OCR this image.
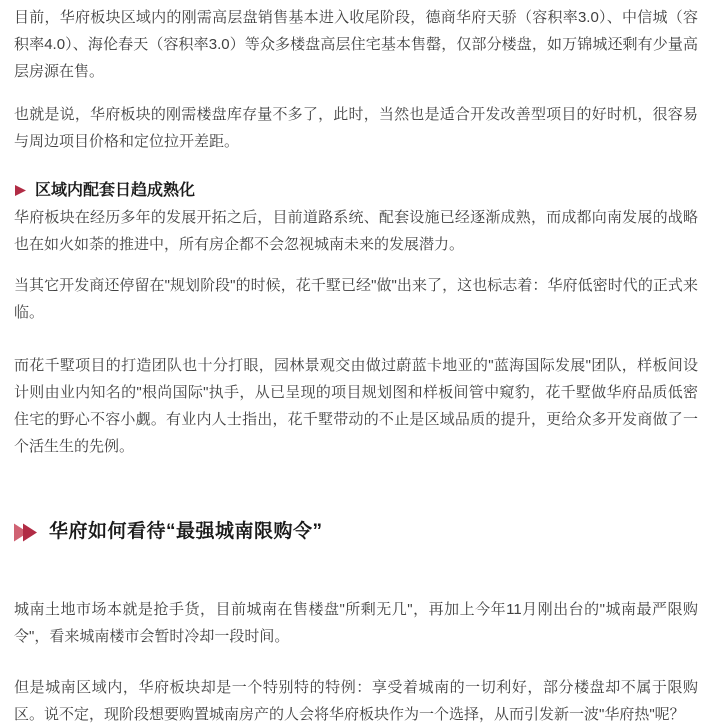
目前，华府板块区域内的刚需高层盘销售基本进入收尾阶段，德商华府天骄（容积率3.0）、中信城（容积率4.0）、海伦春天（容积率3.0）等众多楼盘高层住宅基本售罄，仅部分楼盘，如万锦城还剩有少量高层房源在售。

也就是说，华府板块的刚需楼盘库存量不多了，此时，当然也是适合开发改善型项目的好时机，很容易与周边项目价格和定位拉开差距。

区域内配套日趋成熟化

华府板块在经历多年的发展开拓之后，目前道路系统、配套设施已经逐渐成熟，而成都向南发展的战略也在如火如荼的推进中，所有房企都不会忽视城南未来的发展潜力。

当其它开发商还停留在"规划阶段"的时候，花千墅已经"做"出来了，这也标志着：华府低密时代的正式来临。

而花千墅项目的打造团队也十分打眼，园林景观交由做过蔚蓝卡地亚的"蓝海国际发展"团队，样板间设计则由业内知名的"根尚国际"执手，从已呈现的项目规划图和样板间管中窥豹，花千墅做华府品质低密住宅的野心不容小觑。有业内人士指出，花千墅带动的不止是区域品质的提升，更给众多开发商做了一个活生生的先例。

华府如何看待“最强城南限购令”

城南土地市场本就是抢手货，目前城南在售楼盘"所剩无几"，再加上今年11月刚出台的"城南最严限购令"，看来城南楼市会暂时冷却一段时间。

但是城南区域内，华府板块却是一个特别特的特例：享受着城南的一切利好，部分楼盘却不属于限购区。说不定，现阶段想要购置城南房产的人会将华府板块作为一个选择，从而引发新一波"华府热"呢？
